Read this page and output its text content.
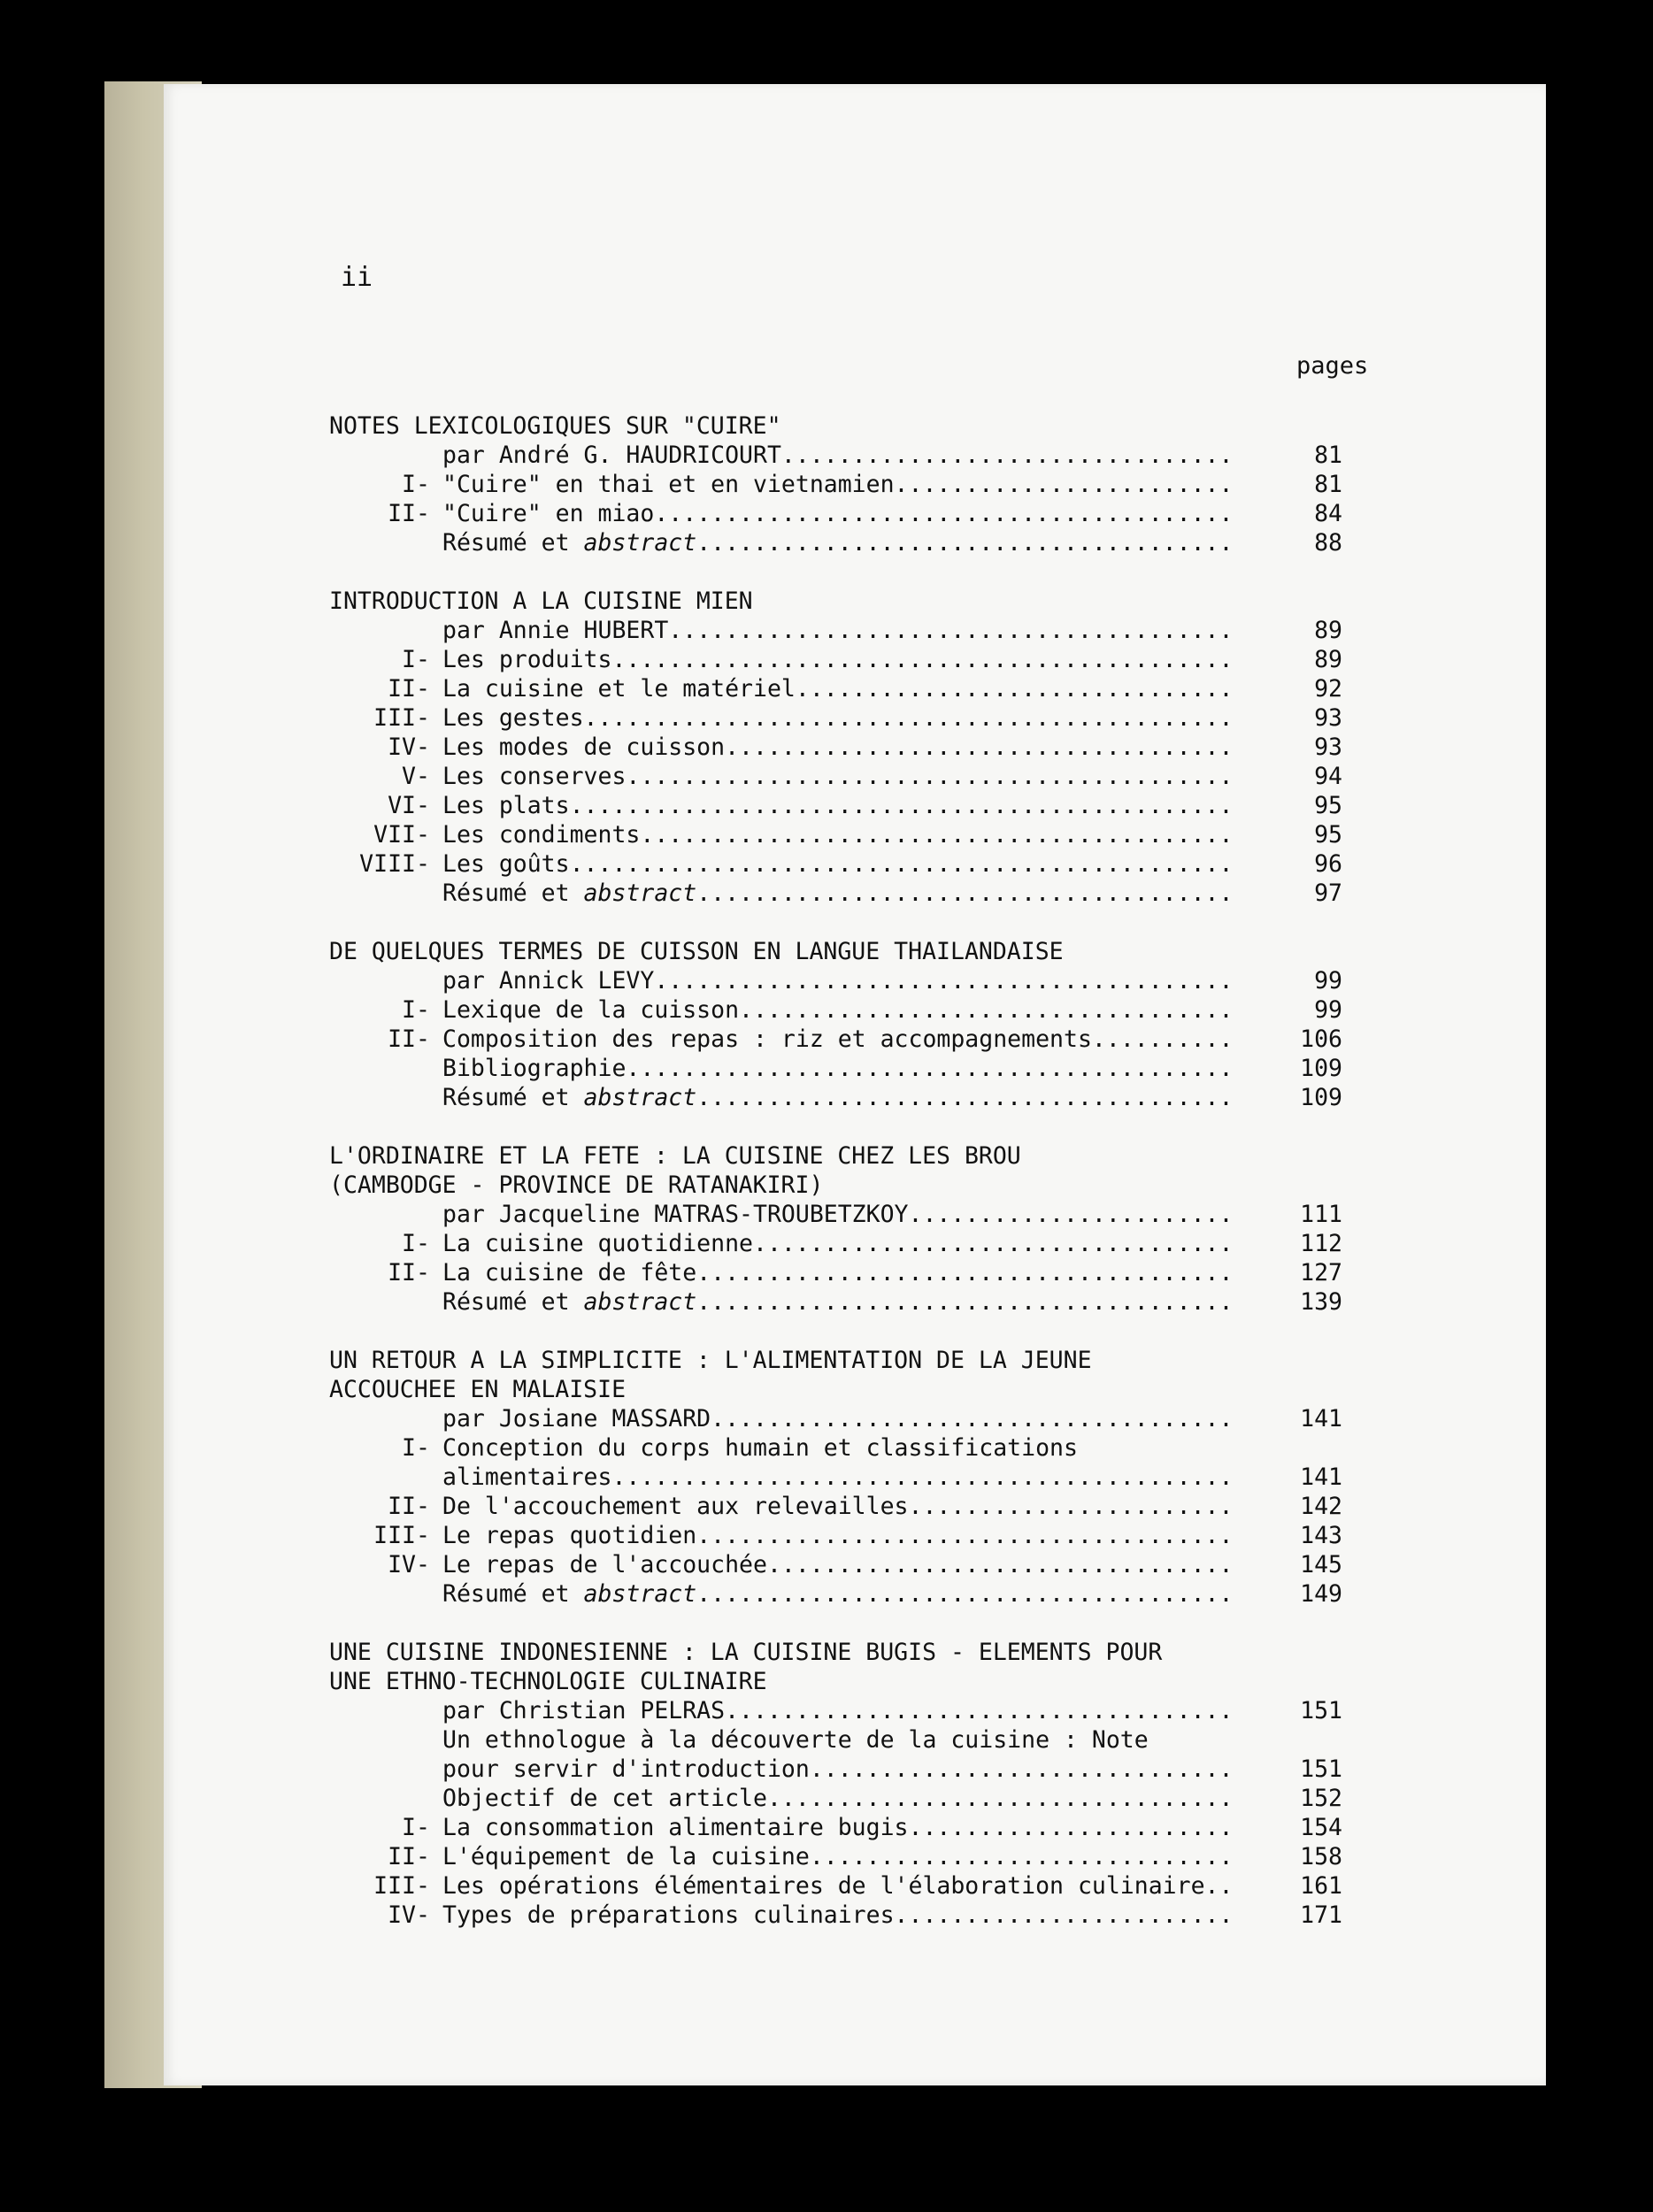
ii
pages
NOTES LEXICOLOGIQUES SUR "CUIRE"
par André G. HAUDRICOURT .....	81
I - "Cuire" en thai et en vietnamien .....	81
II - "Cuire" en miao .....	84
Résumé et abstract .....	88
INTRODUCTION A LA CUISINE MIEN
par Annie HUBERT .....	89
I - Les produits .....	89
II - La cuisine et le matériel .....	92
III - Les gestes .....	93
IV - Les modes de cuisson .....	93
V - Les conserves .....	94
VI - Les plats .....	95
VII - Les condiments .....	95
VIII - Les goûts .....	96
Résumé et abstract .....	97
DE QUELQUES TERMES DE CUISSON EN LANGUE THAILANDAISE
par Annick LEVY .....	99
I - Lexique de la cuisson .....	99
II - Composition des repas : riz et accompagnements .....	106
Bibliographie .....	109
Résumé et abstract .....	109
L'ORDINAIRE ET LA FETE : LA CUISINE CHEZ LES BROU
(CAMBODGE - PROVINCE DE RATANAKIRI)
par Jacqueline MATRAS-TROUBETZKOY .....	111
I - La cuisine quotidienne .....	112
II - La cuisine de fête .....	127
Résumé et abstract .....	139
UN RETOUR A LA SIMPLICITE : L'ALIMENTATION DE LA JEUNE
ACCOUCHEE EN MALAISIE
par Josiane MASSARD .....	141
I - Conception du corps humain et classifications
alimentaires .....	141
II - De l'accouchement aux relevailles .....	142
III - Le repas quotidien .....	143
IV - Le repas de l'accouchée .....	145
Résumé et abstract .....	149
UNE CUISINE INDONESIENNE : LA CUISINE BUGIS - ELEMENTS POUR
UNE ETHNO-TECHNOLOGIE CULINAIRE
par Christian PELRAS .....	151
Un ethnologue à la découverte de la cuisine : Note
pour servir d'introduction .....	151
Objectif de cet article .....	152
I - La consommation alimentaire bugis .....	154
II - L'équipement de la cuisine .....	158
III - Les opérations élémentaires de l'élaboration culinaire .....	161
IV - Types de préparations culinaires .....	171
